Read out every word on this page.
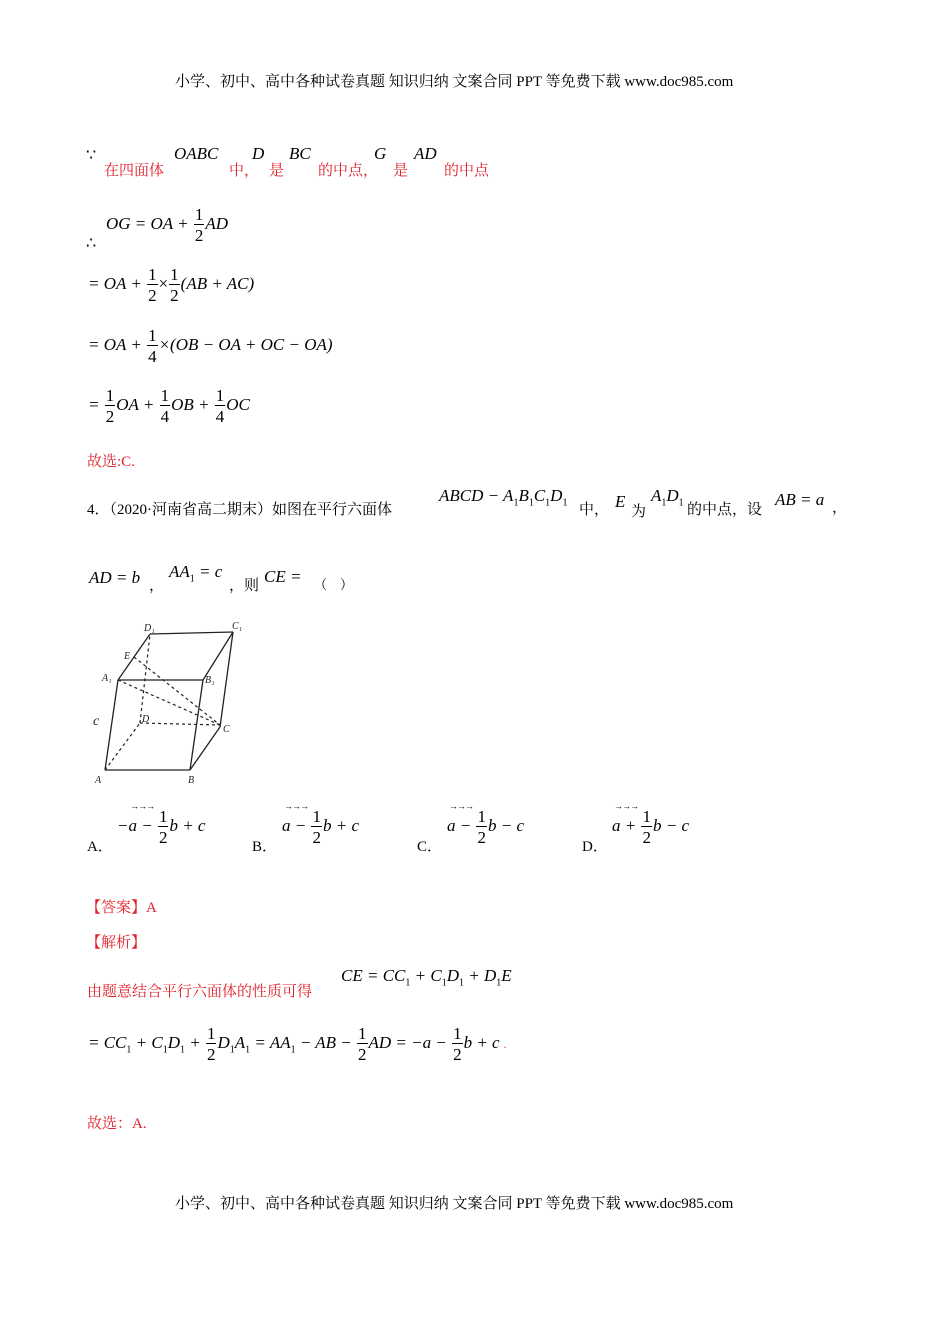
小学、初中、高中各种试卷真题 知识归纳 文案合同 PPT 等免费下载 www.doc985.com
∵
在四面体
OABC
中，
D
是
BC
的中点，
G
是
AD
的中点
∴
OG = OA + $\frac{1}{2}$ AD
= OA + $\frac{1}{2} \times \frac{1}{2} (AB + AC)$
= OA + $\frac{1}{4} \times(OB$ − OA + OC − OA)
= $\frac{1}{2}$ OA + $\frac{1}{4}$ OB + $\frac{1}{4}$ OC
故选:C.
4．（2020·河南省高二期末）如图在平行六面体
ABCD − $A_1B_1C_1D_1$ 中， E
为
$A_1D_1$ 的中点，设
AB = a ，
AD = b ，
$AA_1 = c$
，则 CE = （　）
D₁	C₁
E
A₁	B₁
D
C
c
A	B
A．
→→→
$-a - \frac{1}{2}$ b + c
B．
→→→
$a - \frac{1}{2}$ b + c
C．
→→→
$a - \frac{1}{2}$ b − c
D．
→→→
$a + \frac{1}{2}$ b − c
【答案】A
【解析】
由题意结合平行六面体的性质可得
CE = $CC_1 + C_1D_1 + D_1E$
= $CC_1 + C_1D_1 + \frac{1}{2} D_1A_1 = AA_1$ − AB − $\frac{1}{2}$ AD = $-a - \frac{1}{2}$ b + c .
故选：A.
小学、初中、高中各种试卷真题 知识归纳 文案合同 PPT 等免费下载 www.doc985.com
